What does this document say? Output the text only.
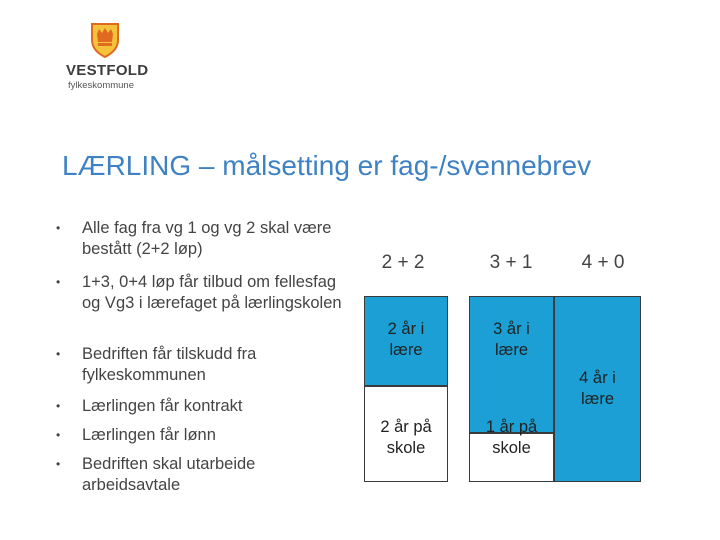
VESTFOLD
fylkeskommune
LÆRLING – målsetting er fag-/svennebrev
•	Alle fag fra vg 1 og vg 2 skal være bestått (2+2 løp)
•	1+3, 0+4 løp får tilbud om fellesfag og Vg3 i lærefaget på lærlingskolen
•	Bedriften får tilskudd fra fylkeskommunen
•	Lærlingen får kontrakt
•	Lærlingen får lønn
•	Bedriften skal utarbeide arbeidsavtale
2 + 2
2 år i
lære
2 år på
skole
3 + 1
3 år i
lære
1 år på
skole
4 + 0
4 år i
lære
